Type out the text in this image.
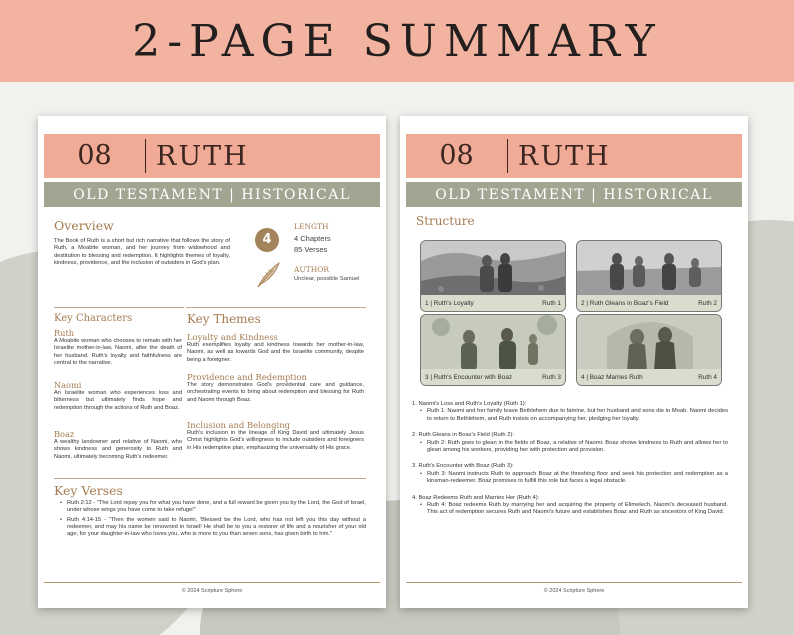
2-PAGE SUMMARY
08	RUTH
OLD TESTAMENT | HISTORICAL
Overview
The Book of Ruth is a short but rich narrative that follows the story of Ruth, a Moabite woman, and her journey from widowhood and destitution to blessing and redemption. It highlights themes of loyalty, kindness, providence, and the inclusion of outsiders in God's plan.
4
LENGTH
4 Chapters
85 Verses
AUTHOR
Unclear, possible Samuel
Key Characters
Ruth
A Moabite woman who chooses to remain with her Israelite mother-in-law, Naomi, after the death of her husband. Ruth's loyalty and faithfulness are central to the narrative.
Naomi
An Israelite woman who experiences loss and bitterness but ultimately finds hope and redemption through the actions of Ruth and Boaz.
Boaz
A wealthy landowner and relative of Naomi, who shows kindness and generosity to Ruth and Naomi, ultimately becoming Ruth's redeemer.
Key Themes
Loyalty and Kindness
Ruth exemplifies loyalty and kindness towards her mother-in-law, Naomi, as well as towards God and the Israelite community, despite being a foreigner.
Providence and Redemption
The story demonstrates God's providential care and guidance, orchestrating events to bring about redemption and blessing for Ruth and Naomi through Boaz.
Inclusion and Belonging
Ruth's inclusion in the lineage of King David and ultimately Jesus Christ highlights God's willingness to include outsiders and foreigners in His redemptive plan, emphasizing the universality of His grace.
Key Verses
• Ruth 2:12 - "The Lord repay you for what you have done, and a full reward be given you by the Lord, the God of Israel, under whose wings you have come to take refuge!"
• Ruth 4:14-15 - "Then the women said to Naomi, 'Blessed be the Lord, who has not left you this day without a redeemer, and may his name be renowned in Israel! He shall be to you a restorer of life and a nourisher of your old age, for your daughter-in-law who loves you, who is more to you than seven sons, has given birth to him."
© 2024 Scripture Sphere
08	RUTH
OLD TESTAMENT | HISTORICAL
Structure
1 | Ruth's Loyalty	Ruth 1	2 | Ruth Gleans in Boaz's Field	Ruth 2
3 | Ruth's Encounter with Boaz	Ruth 3	4 | Boaz Marries Ruth	Ruth 4
1. Naomi's Loss and Ruth's Loyalty (Ruth 1):
• Ruth 1: Naomi and her family leave Bethlehem due to famine, but her husband and sons die in Moab. Naomi decides to return to Bethlehem, and Ruth insists on accompanying her, pledging her loyalty.
2. Ruth Gleans in Boaz's Field (Ruth 2):
• Ruth 2: Ruth goes to glean in the fields of Boaz, a relative of Naomi. Boaz shows kindness to Ruth and allows her to glean among his workers, providing her with protection and provision.
3. Ruth's Encounter with Boaz (Ruth 3):
• Ruth 3: Naomi instructs Ruth to approach Boaz at the threshing floor and seek his protection and redemption as a kinsman-redeemer. Boaz promises to fulfill this role but faces a legal obstacle.
4. Boaz Redeems Ruth and Marries Her (Ruth 4):
• Ruth 4: Boaz redeems Ruth by marrying her and acquiring the property of Elimelech, Naomi's deceased husband. This act of redemption secures Ruth and Naomi's future and establishes Boaz and Ruth as ancestors of King David.
© 2024 Scripture Sphere
